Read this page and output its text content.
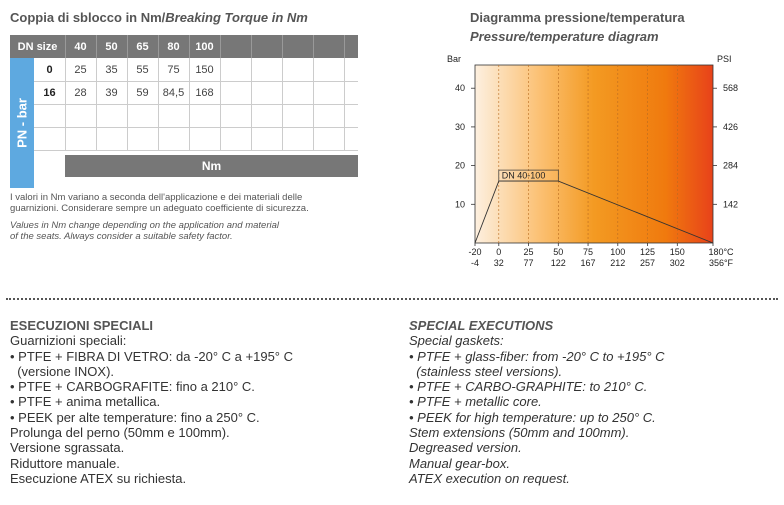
Coppia di sblocco in Nm/Breaking Torque in Nm
DN size	40	50	65	80	100
PN - bar
0	25	35	55	75	150
16	28	39	59	84,5	168
Nm
I valori in Nm variano a seconda dell'applicazione e dei materiali delle
guarnizioni. Considerare sempre un adeguato coefficiente di sicurezza.
Values in Nm change depending on the application and material
of the seats. Always consider a suitable safety factor.
Diagramma pressione/temperatura
Pressure/temperature diagram
10	142
20	284
30	426
40	568
Bar	PSI
-20
-4
0
32
25
77
50
122
75
167
100
212
125
257
150
302
180°C
356°F
DN 40-100
ESECUZIONI SPECIALI
Guarnizioni speciali:
• PTFE + FIBRA DI VETRO: da -20° C a +195° C
(versione INOX).
• PTFE + CARBOGRAFITE: fino a 210° C.
• PTFE + anima metallica.
• PEEK per alte temperature: fino a 250° C.
Prolunga del perno (50mm e 100mm).
Versione sgrassata.
Riduttore manuale.
Esecuzione ATEX su richiesta.
SPECIAL EXECUTIONS
Special gaskets:
• PTFE + glass-fiber: from -20° C to +195° C
(stainless steel versions).
• PTFE + CARBO-GRAPHITE: to 210° C.
• PTFE + metallic core.
• PEEK for high temperature: up to 250° C.
Stem extensions (50mm and 100mm).
Degreased version.
Manual gear-box.
ATEX execution on request.
